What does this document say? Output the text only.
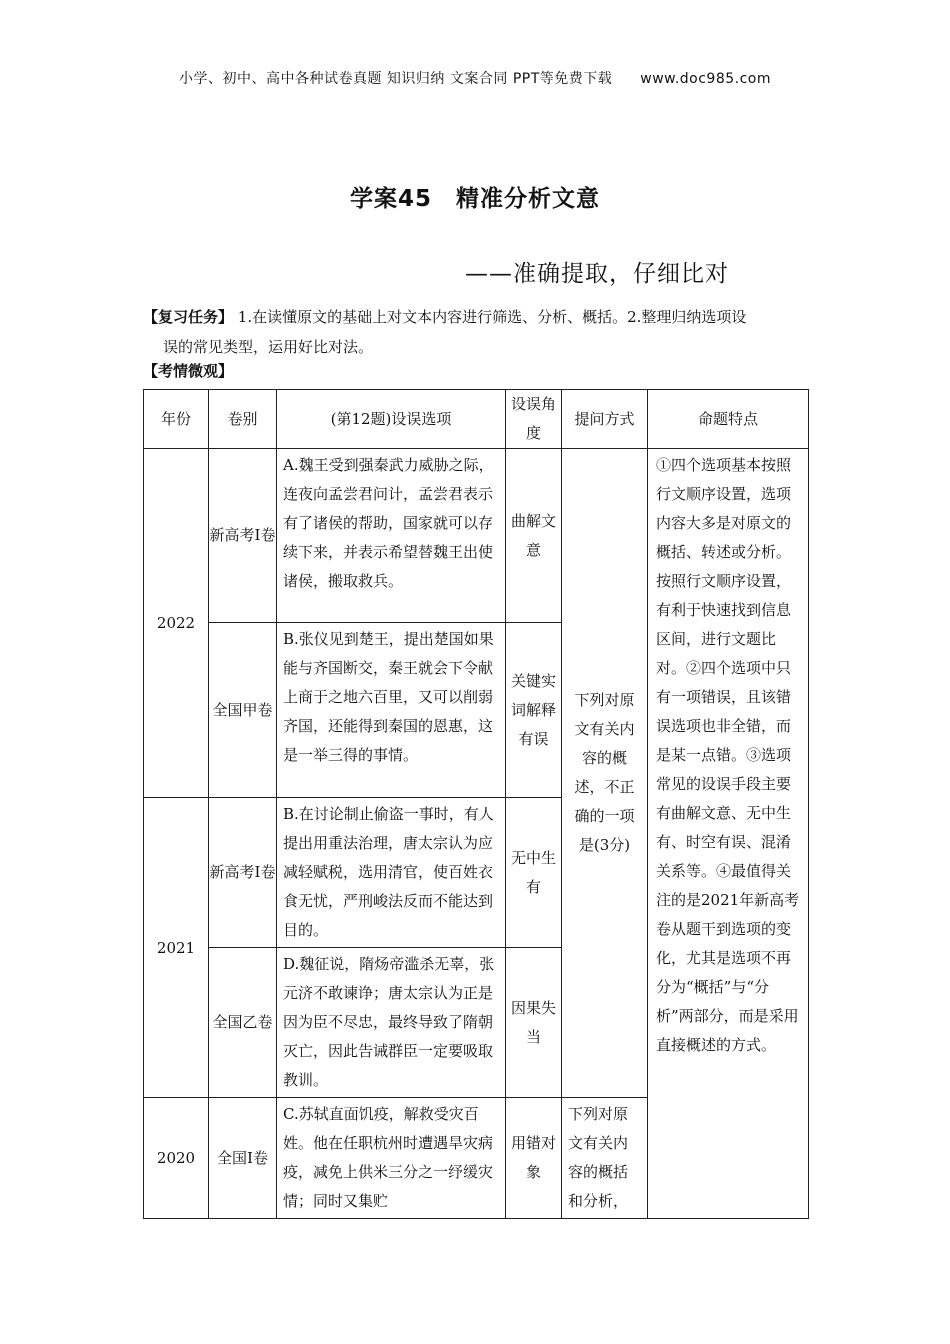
小学、初中、高中各种试卷真题 知识归纳 文案合同 PPT等免费下载 www.doc985.com
学案45　精准分析文意
——准确提取，仔细比对
【复习任务】 1.在读懂原文的基础上对文本内容进行筛选、分析、概括。2.整理归纳选项设
误的常见类型，运用好比对法。
【考情微观】
年份	卷别	(第12题)设误选项	设误角度	提问方式	命题特点
2022	新高考Ⅰ卷	A.魏王受到强秦武力威胁之际，连夜向孟尝君问计，孟尝君表示有了诸侯的帮助，国家就可以存续下来，并表示希望替魏王出使诸侯，搬取救兵。	曲解文意	下列对原文有关内容的概述，不正确的一项是(3分)	①四个选项基本按照行文顺序设置，选项内容大多是对原文的概括、转述或分析。按照行文顺序设置，有利于快速找到信息区间，进行文题比对。②四个选项中只有一项错误，且该错误选项也非全错，而是某一点错。③选项常见的设误手段主要有曲解文意、无中生有、时空有误、混淆关系等。④最值得关注的是2021年新高考卷从题干到选项的变化，尤其是选项不再分为“概括”与“分析”两部分，而是采用直接概述的方式。
	全国甲卷	B.张仪见到楚王，提出楚国如果能与齐国断交，秦王就会下令献上商于之地六百里，又可以削弱齐国，还能得到秦国的恩惠，这是一举三得的事情。	关键实词解释有误		
2021	新高考Ⅰ卷	B.在讨论制止偷盗一事时，有人提出用重法治理，唐太宗认为应减轻赋税，选用清官，使百姓衣食无忧，严刑峻法反而不能达到目的。	无中生有		
	全国乙卷	D.魏征说，隋炀帝滥杀无辜，张元济不敢谏诤；唐太宗认为正是因为臣不尽忠，最终导致了隋朝灭亡，因此告诫群臣一定要吸取教训。	因果失当		
2020	全国Ⅰ卷	C.苏轼直面饥疫，解救受灾百姓。他在任职杭州时遭遇旱灾病疫，减免上供米三分之一纾缓灾情；同时又集贮	用错对象	下列对原文有关内容的概括和分析，	
